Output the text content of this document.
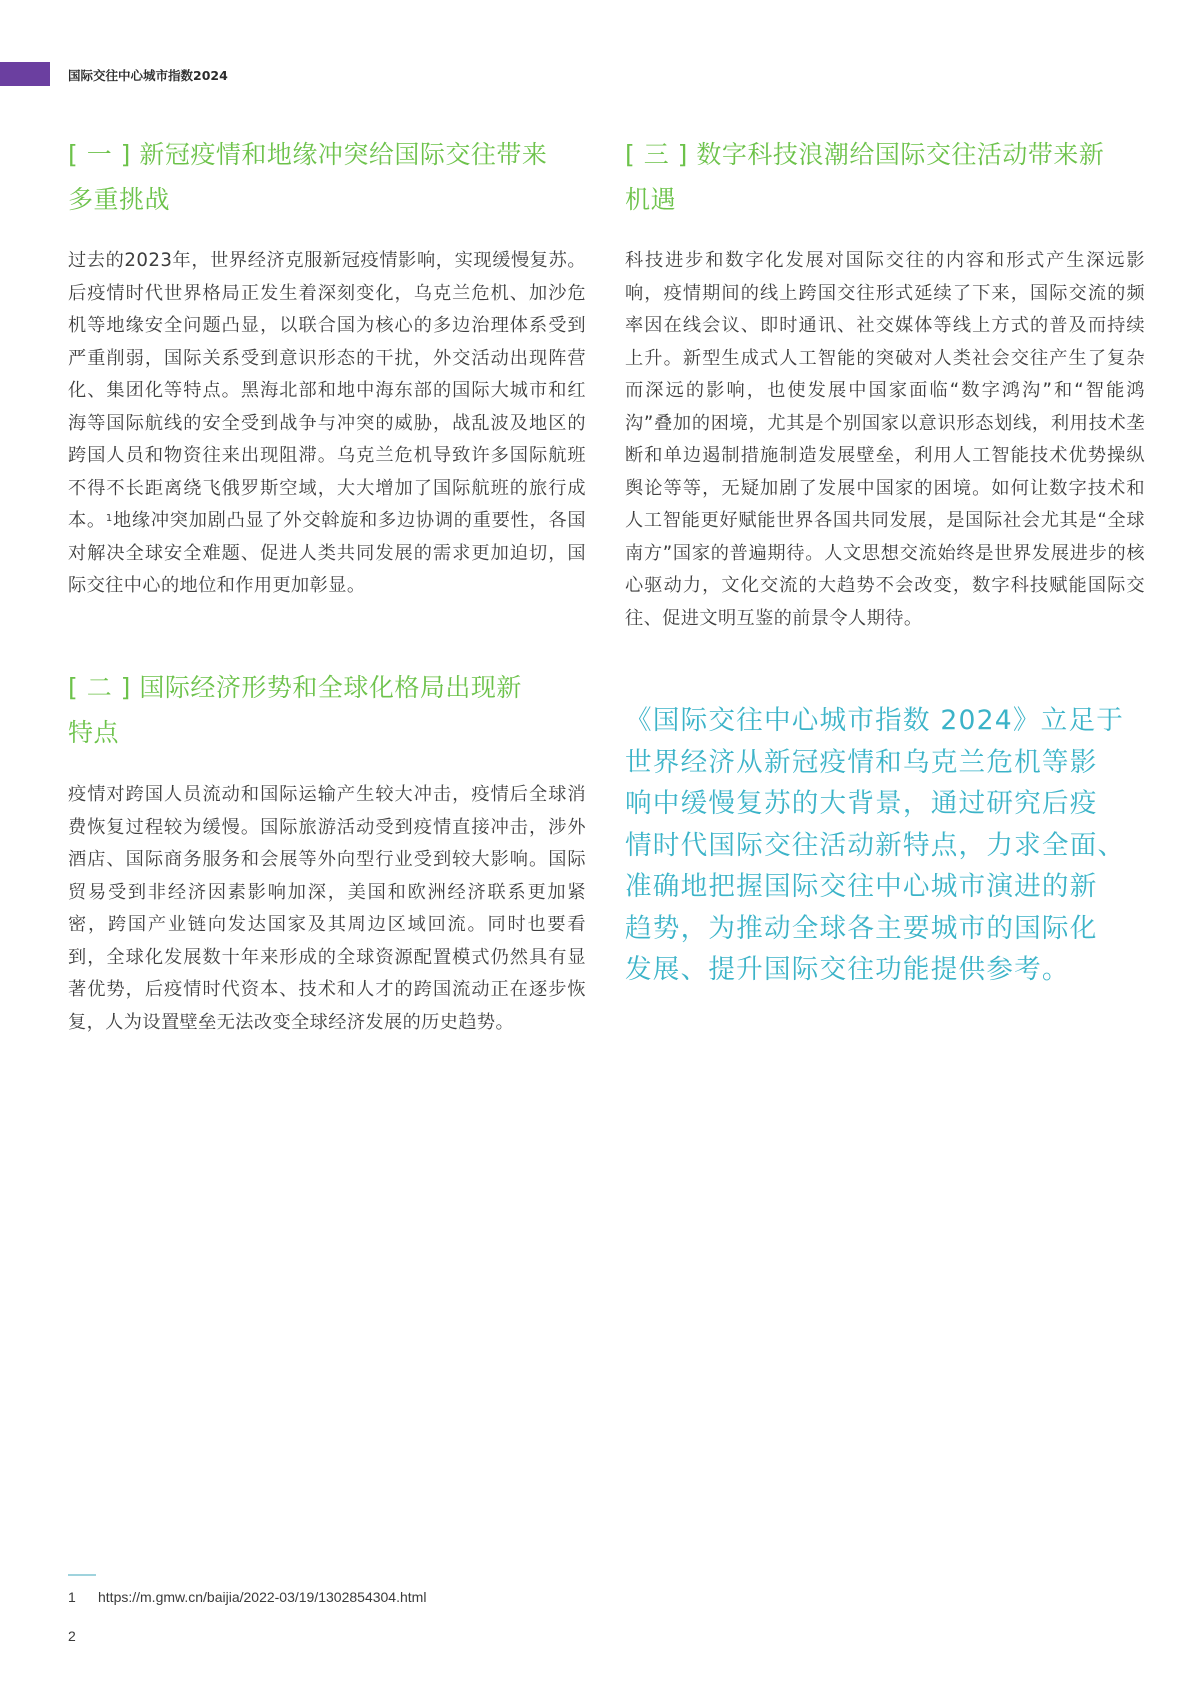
国际交往中心城市指数2024
[ 一 ] 新冠疫情和地缘冲突给国际交往带来
多重挑战

过去的2023年，世界经济克服新冠疫情影响，实现缓慢复苏。后疫情时代世界格局正发生着深刻变化，乌克兰危机、加沙危机等地缘安全问题凸显，以联合国为核心的多边治理体系受到严重削弱，国际关系受到意识形态的干扰，外交活动出现阵营化、集团化等特点。黑海北部和地中海东部的国际大城市和红海等国际航线的安全受到战争与冲突的威胁，战乱波及地区的跨国人员和物资往来出现阻滞。乌克兰危机导致许多国际航班不得不长距离绕飞俄罗斯空域，大大增加了国际航班的旅行成本。$^1$地缘冲突加剧凸显了外交斡旋和多边协调的重要性，各国对解决全球安全难题、促进人类共同发展的需求更加迫切，国际交往中心的地位和作用更加彰显。

[ 二 ] 国际经济形势和全球化格局出现新
特点

疫情对跨国人员流动和国际运输产生较大冲击，疫情后全球消费恢复过程较为缓慢。国际旅游活动受到疫情直接冲击，涉外酒店、国际商务服务和会展等外向型行业受到较大影响。国际贸易受到非经济因素影响加深，美国和欧洲经济联系更加紧密，跨国产业链向发达国家及其周边区域回流。同时也要看到，全球化发展数十年来形成的全球资源配置模式仍然具有显著优势，后疫情时代资本、技术和人才的跨国流动正在逐步恢复，人为设置壁垒无法改变全球经济发展的历史趋势。

[ 三 ] 数字科技浪潮给国际交往活动带来新
机遇

科技进步和数字化发展对国际交往的内容和形式产生深远影响，疫情期间的线上跨国交往形式延续了下来，国际交流的频率因在线会议、即时通讯、社交媒体等线上方式的普及而持续上升。新型生成式人工智能的突破对人类社会交往产生了复杂而深远的影响，也使发展中国家面临“数字鸿沟”和“智能鸿沟”叠加的困境，尤其是个别国家以意识形态划线，利用技术垄断和单边遏制措施制造发展壁垒，利用人工智能技术优势操纵舆论等等，无疑加剧了发展中国家的困境。如何让数字技术和人工智能更好赋能世界各国共同发展，是国际社会尤其是“全球南方”国家的普遍期待。人文思想交流始终是世界发展进步的核心驱动力，文化交流的大趋势不会改变，数字科技赋能国际交往、促进文明互鉴的前景令人期待。

《国际交往中心城市指数 2024》立足于
世界经济从新冠疫情和乌克兰危机等影
响中缓慢复苏的大背景，通过研究后疫
情时代国际交往活动新特点，力求全面、
准确地把握国际交往中心城市演进的新
趋势，为推动全球各主要城市的国际化
发展、提升国际交往功能提供参考。
1 https://m.gmw.cn/baijia/2022-03/19/1302854304.html
2
